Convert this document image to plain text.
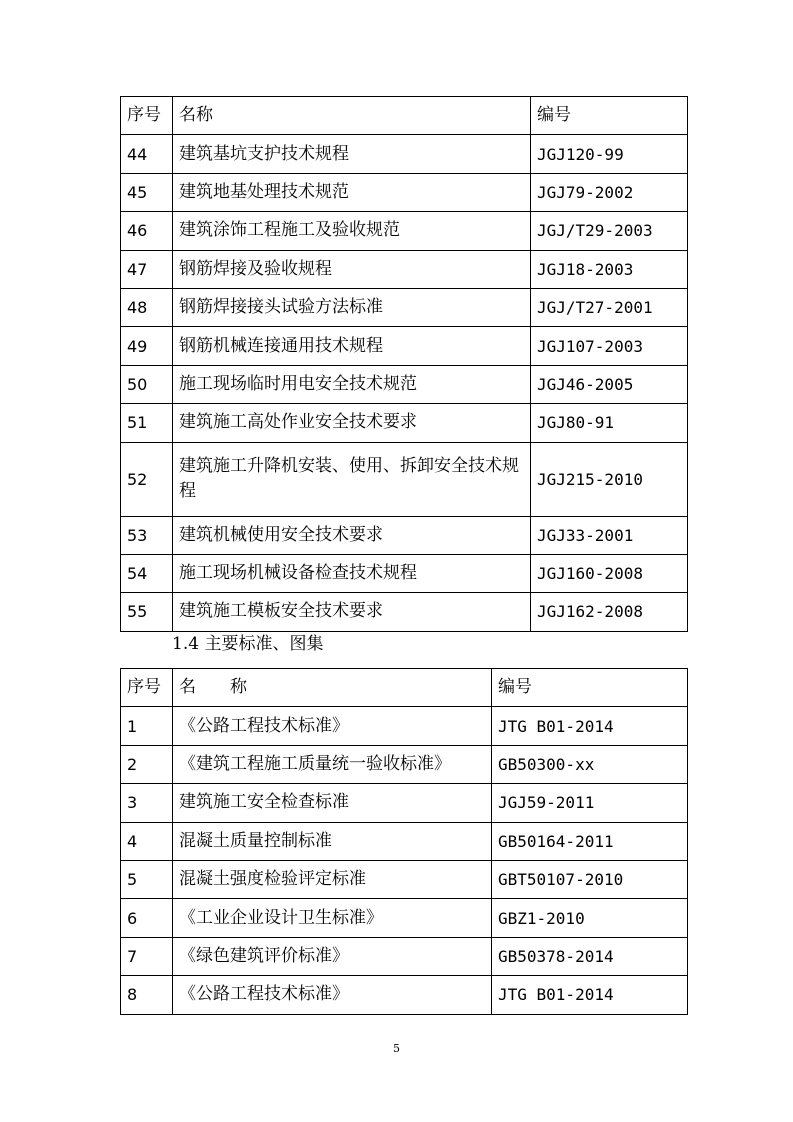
序号	名称	编号
44	建筑基坑支护技术规程	JGJ120-99
45	建筑地基处理技术规范	JGJ79-2002
46	建筑涂饰工程施工及验收规范	JGJ/T29-2003
47	钢筋焊接及验收规程	JGJ18-2003
48	钢筋焊接接头试验方法标准	JGJ/T27-2001
49	钢筋机械连接通用技术规程	JGJ107-2003
50	施工现场临时用电安全技术规范	JGJ46-2005
51	建筑施工高处作业安全技术要求	JGJ80-91
52	建筑施工升降机安装、使用、拆卸安全技术规程	JGJ215-2010
53	建筑机械使用安全技术要求	JGJ33-2001
54	施工现场机械设备检查技术规程	JGJ160-2008
55	建筑施工模板安全技术要求	JGJ162-2008
1.4 主要标准、图集
序号	名　　称	编号
1	《公路工程技术标准》	JTG B01-2014
2	《建筑工程施工质量统一验收标准》	GB50300-xx
3	建筑施工安全检查标准	JGJ59-2011
4	混凝土质量控制标准	GB50164-2011
5	混凝土强度检验评定标准	GBT50107-2010
6	《工业企业设计卫生标准》	GBZ1-2010
7	《绿色建筑评价标准》	GB50378-2014
8	《公路工程技术标准》	JTG B01-2014
5
